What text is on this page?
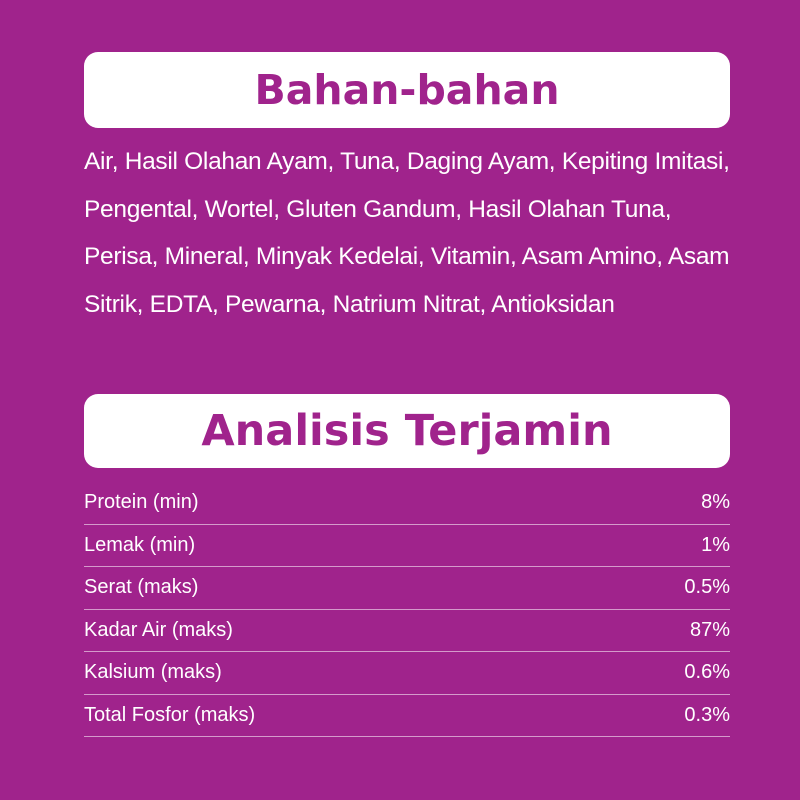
Bahan-bahan

Air, Hasil Olahan Ayam, Tuna, Daging Ayam, Kepiting Imitasi, Pengental, Wortel, Gluten Gandum, Hasil Olahan Tuna, Perisa, Mineral, Minyak Kedelai, Vitamin, Asam Amino, Asam Sitrik, EDTA, Pewarna, Natrium Nitrat, Antioksidan

Analisis Terjamin
Protein (min)	8%
Lemak (min)	1%
Serat (maks)	0.5%
Kadar Air (maks)	87%
Kalsium (maks)	0.6%
Total Fosfor (maks)	0.3%
